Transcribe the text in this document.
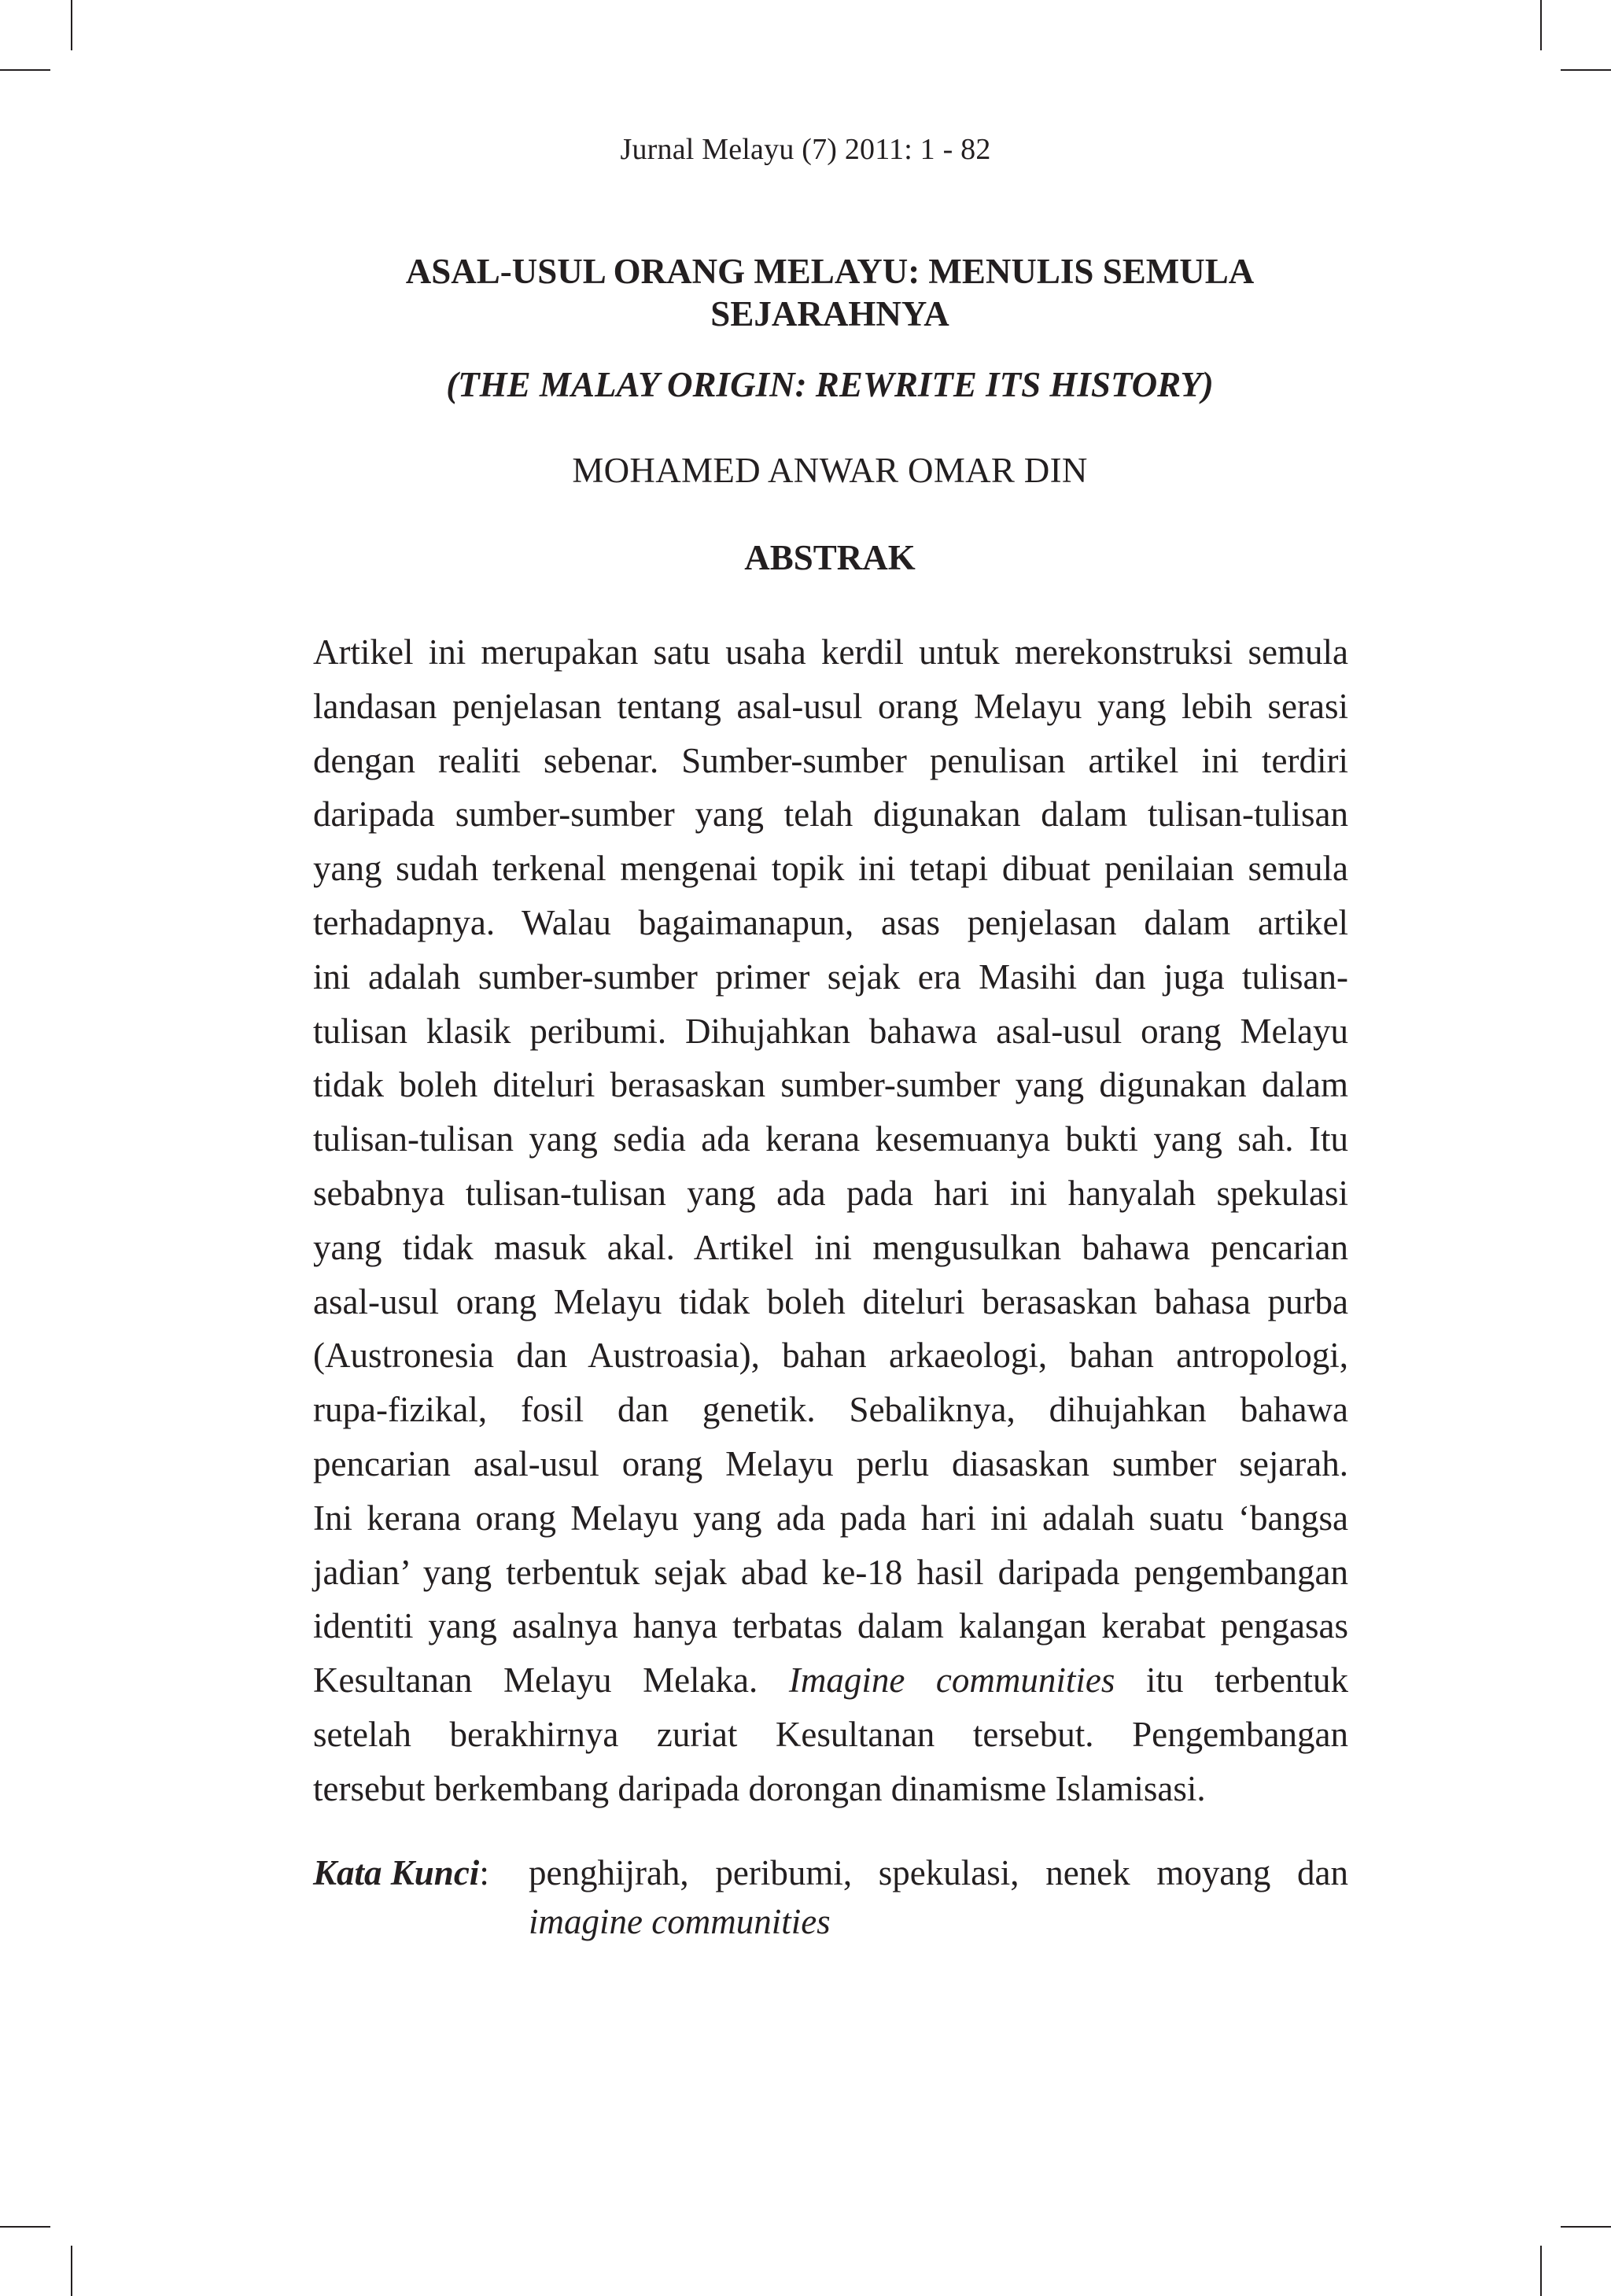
Jurnal Melayu (7) 2011: 1 - 82
ASAL-USUL ORANG MELAYU: MENULIS SEMULA
SEJARAHNYA
(THE MALAY ORIGIN: REWRITE ITS HISTORY)
MOHAMED ANWAR OMAR DIN
ABSTRAK
Artikel ini merupakan satu usaha kerdil untuk merekonstruksi semula
landasan penjelasan tentang asal-usul orang Melayu yang lebih serasi
dengan realiti sebenar. Sumber-sumber penulisan artikel ini terdiri
daripada sumber-sumber yang telah digunakan dalam tulisan-tulisan
yang sudah terkenal mengenai topik ini tetapi dibuat penilaian semula
terhadapnya. Walau bagaimanapun, asas penjelasan dalam artikel
ini adalah sumber-sumber primer sejak era Masihi dan juga tulisan-
tulisan klasik peribumi. Dihujahkan bahawa asal-usul orang Melayu
tidak boleh diteluri berasaskan sumber-sumber yang digunakan dalam
tulisan-tulisan yang sedia ada kerana kesemuanya bukti yang sah. Itu
sebabnya tulisan-tulisan yang ada pada hari ini hanyalah spekulasi
yang tidak masuk akal. Artikel ini mengusulkan bahawa pencarian
asal-usul orang Melayu tidak boleh diteluri berasaskan bahasa purba
(Austronesia dan Austroasia), bahan arkaeologi, bahan antropologi,
rupa-fizikal, fosil dan genetik. Sebaliknya, dihujahkan bahawa
pencarian asal-usul orang Melayu perlu diasaskan sumber sejarah.
Ini kerana orang Melayu yang ada pada hari ini adalah suatu ‘bangsa
jadian’ yang terbentuk sejak abad ke-18 hasil daripada pengembangan
identiti yang asalnya hanya terbatas dalam kalangan kerabat pengasas
Kesultanan Melayu Melaka. Imagine communities itu terbentuk
setelah berakhirnya zuriat Kesultanan tersebut. Pengembangan
tersebut berkembang daripada dorongan dinamisme Islamisasi.
Kata Kunci:	penghijrah, peribumi, spekulasi, nenek moyang dan
imagine communities
